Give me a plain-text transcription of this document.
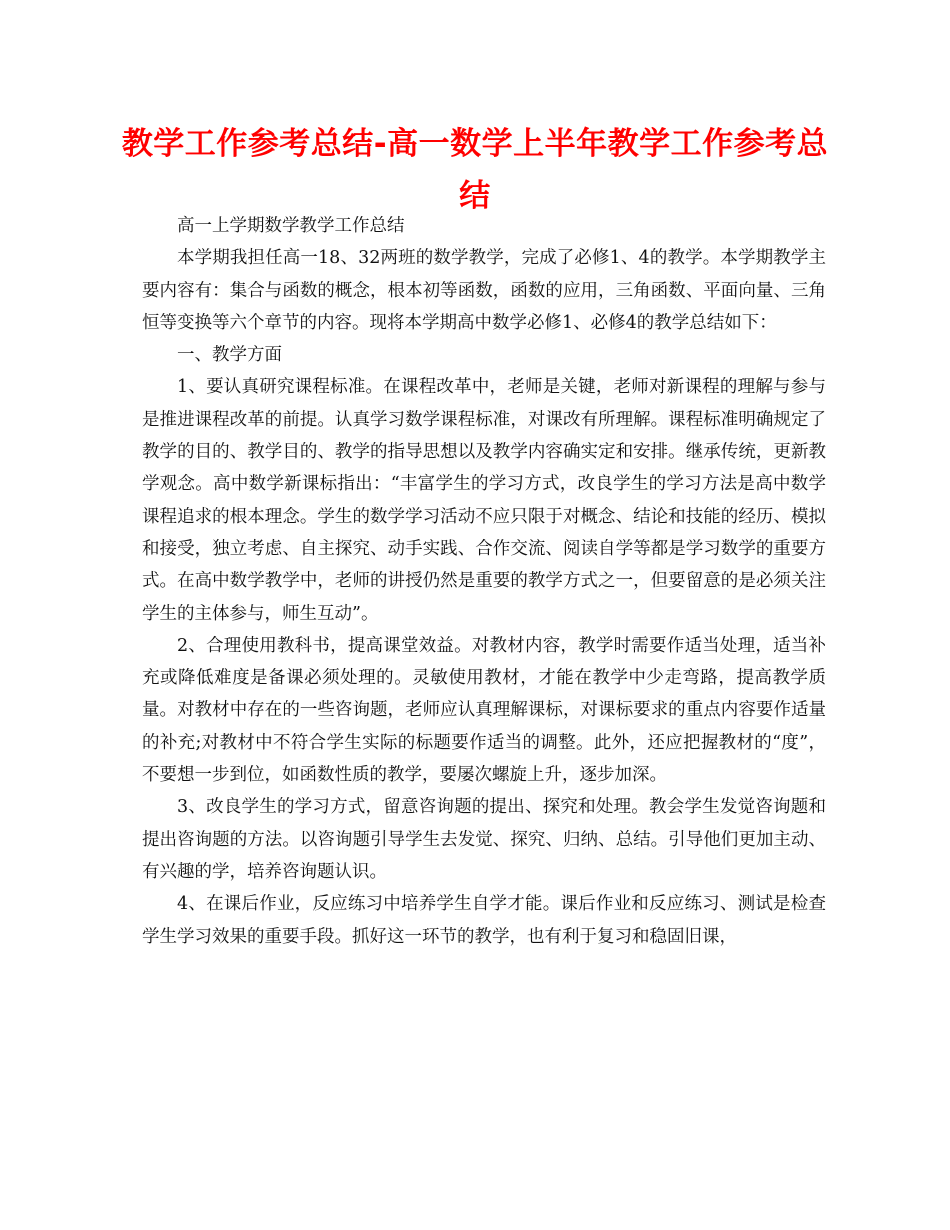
教学工作参考总结-高一数学上半年教学工作参考总结

高一上学期数学教学工作总结

本学期我担任高一18、32两班的数学教学，完成了必修1、4的教学。本学期教学主要内容有：集合与函数的概念，根本初等函数，函数的应用，三角函数、平面向量、三角恒等变换等六个章节的内容。现将本学期高中数学必修1、必修4的教学总结如下：

一、教学方面

1、要认真研究课程标准。在课程改革中，老师是关键，老师对新课程的理解与参与是推进课程改革的前提。认真学习数学课程标准，对课改有所理解。课程标准明确规定了教学的目的、教学目的、教学的指导思想以及教学内容确实定和安排。继承传统，更新教学观念。高中数学新课标指出：“丰富学生的学习方式，改良学生的学习方法是高中数学课程追求的根本理念。学生的数学学习活动不应只限于对概念、结论和技能的经历、模拟和接受，独立考虑、自主探究、动手实践、合作交流、阅读自学等都是学习数学的重要方式。在高中数学教学中，老师的讲授仍然是重要的教学方式之一，但要留意的是必须关注学生的主体参与，师生互动”。

2、合理使用教科书，提高课堂效益。对教材内容，教学时需要作适当处理，适当补充或降低难度是备课必须处理的。灵敏使用教材，才能在教学中少走弯路，提高教学质量。对教材中存在的一些咨询题，老师应认真理解课标，对课标要求的重点内容要作适量的补充;对教材中不符合学生实际的标题要作适当的调整。此外，还应把握教材的“度”，不要想一步到位，如函数性质的教学，要屡次螺旋上升，逐步加深。

3、改良学生的学习方式，留意咨询题的提出、探究和处理。教会学生发觉咨询题和提出咨询题的方法。以咨询题引导学生去发觉、探究、归纳、总结。引导他们更加主动、有兴趣的学，培养咨询题认识。

4、在课后作业，反应练习中培养学生自学才能。课后作业和反应练习、测试是检查学生学习效果的重要手段。抓好这一环节的教学，也有利于复习和稳固旧课，
